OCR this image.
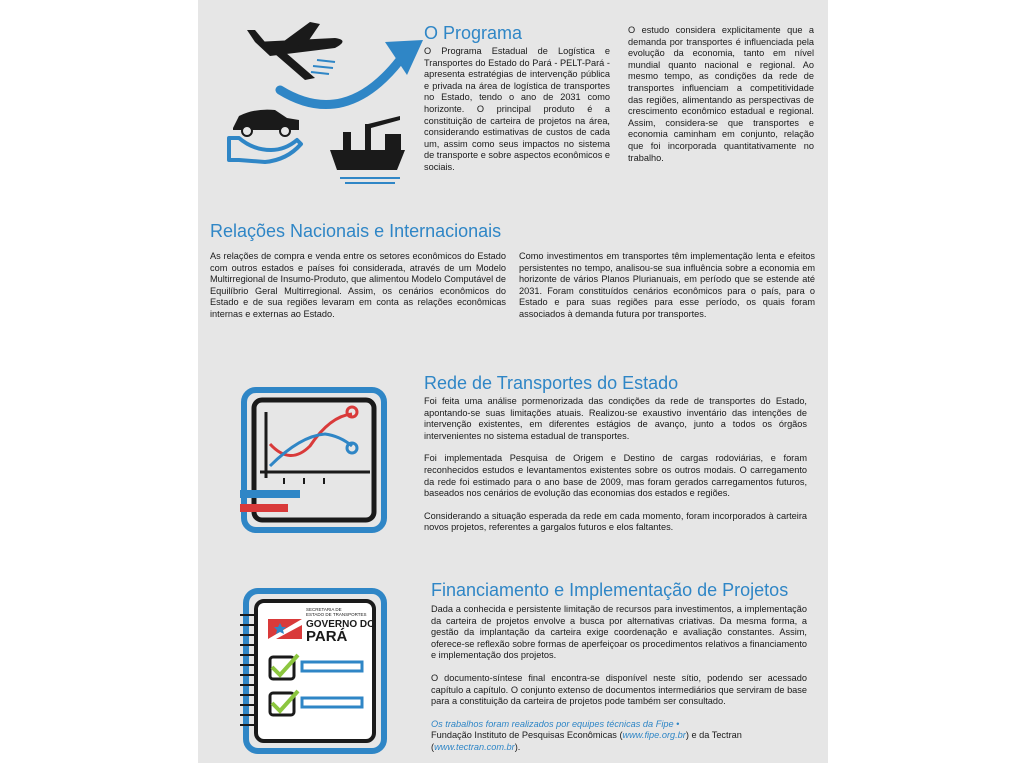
O Programa

O Programa Estadual de Logística e Transportes do Estado do Pará - PELT-Pará - apresenta estratégias de intervenção pública e privada na área de logística de transportes no Estado, tendo o ano de 2031 como horizonte. O principal produto é a constituição de carteira de projetos na área, considerando estimativas de custos de cada um, assim como seus impactos no sistema de transporte e sobre aspectos econômicos e sociais.

O estudo considera explicitamente que a demanda por transportes é influenciada pela evolução da economia, tanto em nível mundial quanto nacional e regional. Ao mesmo tempo, as condições da rede de transportes influenciam a competitividade das regiões, alimentando as perspectivas de crescimento econômico estadual e regional. Assim, considera-se que transportes e economia caminham em conjunto, relação que foi incorporada quantitativamente no trabalho.

Relações Nacionais e Internacionais

As relações de compra e venda entre os setores econômicos do Estado com outros estados e países foi considerada, através de um Modelo Multirregional de Insumo-Produto, que alimentou Modelo Computável de Equilíbrio Geral Multirregional. Assim, os cenários econômicos do Estado e de sua regiões levaram em conta as relações econômicas internas e externas ao Estado.

Como investimentos em transportes têm implementação lenta e efeitos persistentes no tempo, analisou-se sua influência sobre a economia em horizonte de vários Planos Plurianuais, em período que se estende até 2031. Foram constituídos cenários econômicos para o país, para o Estado e para suas regiões para esse período, os quais foram associados à demanda futura por transportes.

Rede de Transportes do Estado
Foi feita uma análise pormenorizada das condições da rede de transportes do Estado, apontando-se suas limitações atuais. Realizou-se exaustivo inventário das intenções de intervenção existentes, em diferentes estágios de avanço, junto a todos os órgãos intervenientes no sistema estadual de transportes.
Foi implementada Pesquisa de Origem e Destino de cargas rodoviárias, e foram reconhecidos estudos e levantamentos existentes sobre os outros modais. O carregamento da rede foi estimado para o ano base de 2009, mas foram gerados carregamentos futuros, baseados nos cenários de evolução das economias dos estados e regiões.
Considerando a situação esperada da rede em cada momento, foram incorporados à carteira novos projetos, referentes a gargalos futuros e elos faltantes.
SECRETARIA DE
ESTADO DE TRANSPORTES
GOVERNO DO
PARÁ
Financiamento e Implementação de Projetos
Dada a conhecida e persistente limitação de recursos para investimentos, a implementação da carteira de projetos envolve a busca por alternativas criativas. Da mesma forma, a gestão da implantação da carteira exige coordenação e avaliação constantes. Assim, oferece-se reflexão sobre formas de aperfeiçoar os procedimentos relativos a financiamento e implementação dos projetos.
O documento-síntese final encontra-se disponível neste sítio, podendo ser acessado capítulo a capítulo. O conjunto extenso de documentos intermediários que serviram de base para a constituição da carteira de projetos pode também ser consultado.
Os trabalhos foram realizados por equipes técnicas da Fipe •
Fundação Instituto de Pesquisas Econômicas (www.fipe.org.br) e da Tectran
(www.tectran.com.br).
